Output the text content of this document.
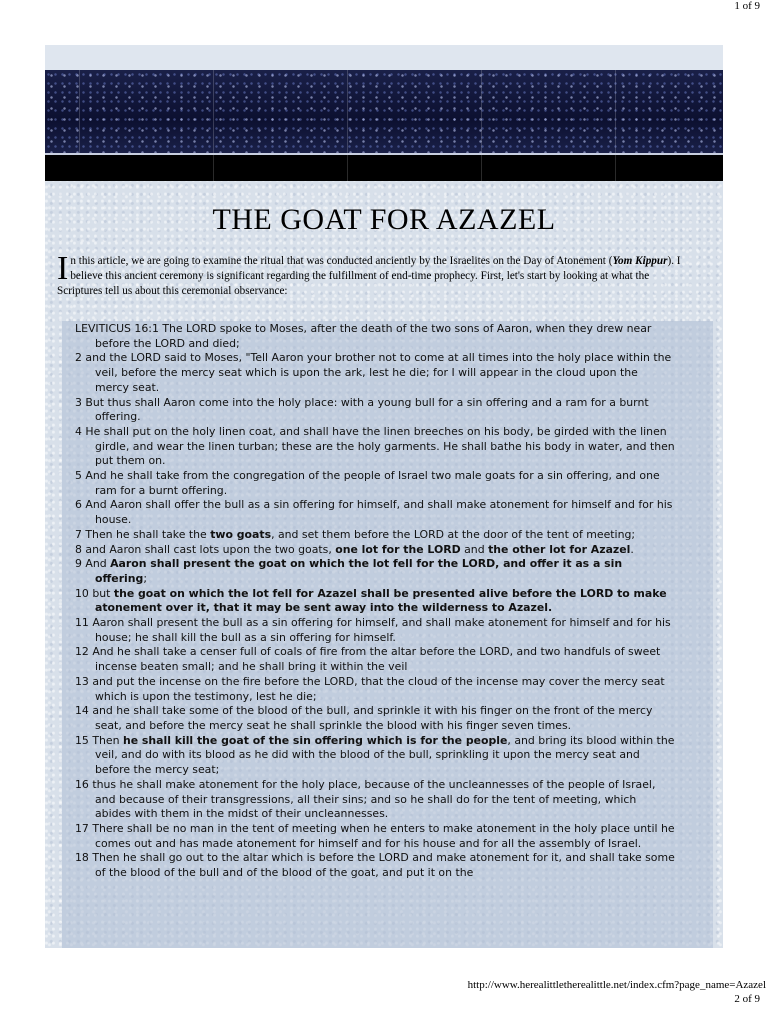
1 of 9
THE GOAT FOR AZAZEL
In this article, we are going to examine the ritual that was conducted anciently by the Israelites on the Day of Atonement (Yom Kippur). I believe this ancient ceremony is significant regarding the fulfillment of end-time prophecy. First, let's start by looking at what the Scriptures tell us about this ceremonial observance:
LEVITICUS 16:1 The LORD spoke to Moses, after the death of the two sons of Aaron, when they drew near before the LORD and died;
2 and the LORD said to Moses, "Tell Aaron your brother not to come at all times into the holy place within the veil, before the mercy seat which is upon the ark, lest he die; for I will appear in the cloud upon the mercy seat.
3 But thus shall Aaron come into the holy place: with a young bull for a sin offering and a ram for a burnt offering.
4 He shall put on the holy linen coat, and shall have the linen breeches on his body, be girded with the linen girdle, and wear the linen turban; these are the holy garments. He shall bathe his body in water, and then put them on.
5 And he shall take from the congregation of the people of Israel two male goats for a sin offering, and one ram for a burnt offering.
6 And Aaron shall offer the bull as a sin offering for himself, and shall make atonement for himself and for his house.
7 Then he shall take the two goats, and set them before the LORD at the door of the tent of meeting;
8 and Aaron shall cast lots upon the two goats, one lot for the LORD and the other lot for Azazel.
9 And Aaron shall present the goat on which the lot fell for the LORD, and offer it as a sin offering;
10 but the goat on which the lot fell for Azazel shall be presented alive before the LORD to make atonement over it, that it may be sent away into the wilderness to Azazel.
11 Aaron shall present the bull as a sin offering for himself, and shall make atonement for himself and for his house; he shall kill the bull as a sin offering for himself.
12 And he shall take a censer full of coals of fire from the altar before the LORD, and two handfuls of sweet incense beaten small; and he shall bring it within the veil
13 and put the incense on the fire before the LORD, that the cloud of the incense may cover the mercy seat which is upon the testimony, lest he die;
14 and he shall take some of the blood of the bull, and sprinkle it with his finger on the front of the mercy seat, and before the mercy seat he shall sprinkle the blood with his finger seven times.
15 Then he shall kill the goat of the sin offering which is for the people, and bring its blood within the veil, and do with its blood as he did with the blood of the bull, sprinkling it upon the mercy seat and before the mercy seat;
16 thus he shall make atonement for the holy place, because of the uncleannesses of the people of Israel, and because of their transgressions, all their sins; and so he shall do for the tent of meeting, which abides with them in the midst of their uncleannesses.
17 There shall be no man in the tent of meeting when he enters to make atonement in the holy place until he comes out and has made atonement for himself and for his house and for all the assembly of Israel.
18 Then he shall go out to the altar which is before the LORD and make atonement for it, and shall take some of the blood of the bull and of the blood of the goat, and put it on the
http://www.herealittletherealittle.net/index.cfm?page_name=Azazel
2 of 9
